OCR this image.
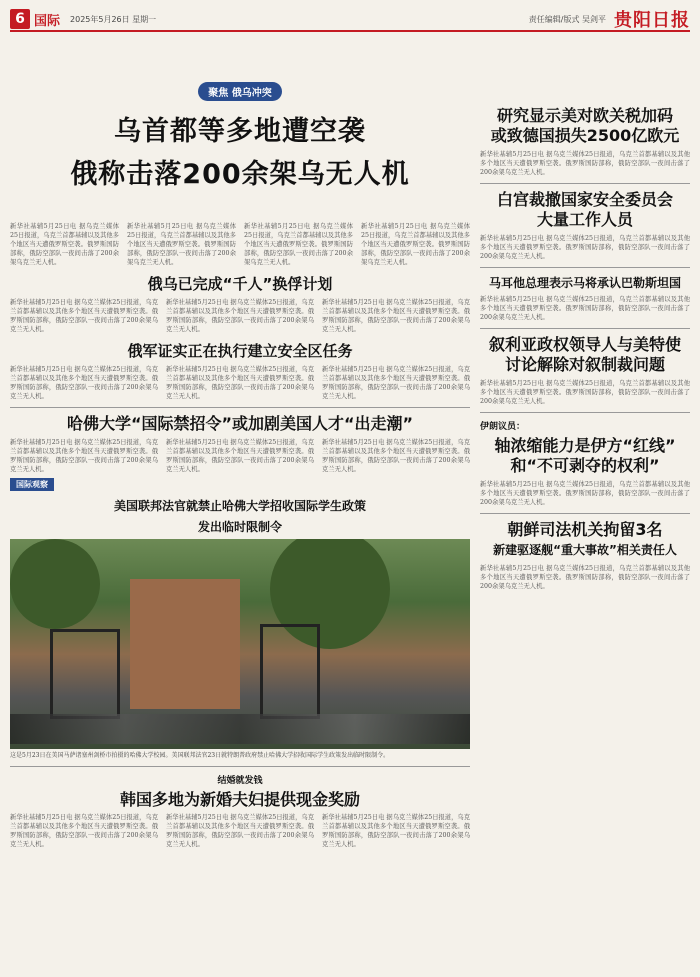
6 国际 2025年5月26日 星期一	责任编辑/版式 吴剑平 贵阳日报
聚焦 俄乌冲突
乌首都等多地遭空袭
俄称击落200余架乌无人机
新华社基辅5月25日电 据乌克兰媒体25日报道，乌克兰首都基辅以及其他多个地区当天遭俄罗斯空袭。俄罗斯国防部称，俄防空部队一夜间击落了200余架乌克兰无人机。
新华社基辅5月25日电 据乌克兰媒体25日报道，乌克兰首都基辅以及其他多个地区当天遭俄罗斯空袭。俄罗斯国防部称，俄防空部队一夜间击落了200余架乌克兰无人机。
新华社基辅5月25日电 据乌克兰媒体25日报道，乌克兰首都基辅以及其他多个地区当天遭俄罗斯空袭。俄罗斯国防部称，俄防空部队一夜间击落了200余架乌克兰无人机。
新华社基辅5月25日电 据乌克兰媒体25日报道，乌克兰首都基辅以及其他多个地区当天遭俄罗斯空袭。俄罗斯国防部称，俄防空部队一夜间击落了200余架乌克兰无人机。
俄乌已完成“千人”换俘计划
新华社基辅5月25日电 据乌克兰媒体25日报道，乌克兰首都基辅以及其他多个地区当天遭俄罗斯空袭。俄罗斯国防部称，俄防空部队一夜间击落了200余架乌克兰无人机。
新华社基辅5月25日电 据乌克兰媒体25日报道，乌克兰首都基辅以及其他多个地区当天遭俄罗斯空袭。俄罗斯国防部称，俄防空部队一夜间击落了200余架乌克兰无人机。
新华社基辅5月25日电 据乌克兰媒体25日报道，乌克兰首都基辅以及其他多个地区当天遭俄罗斯空袭。俄罗斯国防部称，俄防空部队一夜间击落了200余架乌克兰无人机。
俄军证实正在执行建立安全区任务
新华社基辅5月25日电 据乌克兰媒体25日报道，乌克兰首都基辅以及其他多个地区当天遭俄罗斯空袭。俄罗斯国防部称，俄防空部队一夜间击落了200余架乌克兰无人机。
新华社基辅5月25日电 据乌克兰媒体25日报道，乌克兰首都基辅以及其他多个地区当天遭俄罗斯空袭。俄罗斯国防部称，俄防空部队一夜间击落了200余架乌克兰无人机。
新华社基辅5月25日电 据乌克兰媒体25日报道，乌克兰首都基辅以及其他多个地区当天遭俄罗斯空袭。俄罗斯国防部称，俄防空部队一夜间击落了200余架乌克兰无人机。
哈佛大学“国际禁招令”或加剧美国人才“出走潮”
新华社基辅5月25日电 据乌克兰媒体25日报道，乌克兰首都基辅以及其他多个地区当天遭俄罗斯空袭。俄罗斯国防部称，俄防空部队一夜间击落了200余架乌克兰无人机。
新华社基辅5月25日电 据乌克兰媒体25日报道，乌克兰首都基辅以及其他多个地区当天遭俄罗斯空袭。俄罗斯国防部称，俄防空部队一夜间击落了200余架乌克兰无人机。
新华社基辅5月25日电 据乌克兰媒体25日报道，乌克兰首都基辅以及其他多个地区当天遭俄罗斯空袭。俄罗斯国防部称，俄防空部队一夜间击落了200余架乌克兰无人机。
国际观察
美国联邦法官就禁止哈佛大学招收国际学生政策
发出临时限制令
这是5月23日在美国马萨诸塞州剑桥市拍摄的哈佛大学校园。美国联邦法官23日就特朗普政府禁止哈佛大学招收国际学生政策发出临时限制令。
结婚就发钱
韩国多地为新婚夫妇提供现金奖励
新华社基辅5月25日电 据乌克兰媒体25日报道，乌克兰首都基辅以及其他多个地区当天遭俄罗斯空袭。俄罗斯国防部称，俄防空部队一夜间击落了200余架乌克兰无人机。
新华社基辅5月25日电 据乌克兰媒体25日报道，乌克兰首都基辅以及其他多个地区当天遭俄罗斯空袭。俄罗斯国防部称，俄防空部队一夜间击落了200余架乌克兰无人机。
新华社基辅5月25日电 据乌克兰媒体25日报道，乌克兰首都基辅以及其他多个地区当天遭俄罗斯空袭。俄罗斯国防部称，俄防空部队一夜间击落了200余架乌克兰无人机。
研究显示美对欧关税加码
或致德国损失2500亿欧元
新华社基辅5月25日电 据乌克兰媒体25日报道，乌克兰首都基辅以及其他多个地区当天遭俄罗斯空袭。俄罗斯国防部称，俄防空部队一夜间击落了200余架乌克兰无人机。
白宫裁撤国家安全委员会
大量工作人员
新华社基辅5月25日电 据乌克兰媒体25日报道，乌克兰首都基辅以及其他多个地区当天遭俄罗斯空袭。俄罗斯国防部称，俄防空部队一夜间击落了200余架乌克兰无人机。
马耳他总理表示马将承认巴勒斯坦国
新华社基辅5月25日电 据乌克兰媒体25日报道，乌克兰首都基辅以及其他多个地区当天遭俄罗斯空袭。俄罗斯国防部称，俄防空部队一夜间击落了200余架乌克兰无人机。
叙利亚政权领导人与美特使
讨论解除对叙制裁问题
新华社基辅5月25日电 据乌克兰媒体25日报道，乌克兰首都基辅以及其他多个地区当天遭俄罗斯空袭。俄罗斯国防部称，俄防空部队一夜间击落了200余架乌克兰无人机。
伊朗议员：
轴浓缩能力是伊方“红线”
和“不可剥夺的权利”
新华社基辅5月25日电 据乌克兰媒体25日报道，乌克兰首都基辅以及其他多个地区当天遭俄罗斯空袭。俄罗斯国防部称，俄防空部队一夜间击落了200余架乌克兰无人机。
朝鲜司法机关拘留3名
新建驱逐舰“重大事故”相关责任人
新华社基辅5月25日电 据乌克兰媒体25日报道，乌克兰首都基辅以及其他多个地区当天遭俄罗斯空袭。俄罗斯国防部称，俄防空部队一夜间击落了200余架乌克兰无人机。
